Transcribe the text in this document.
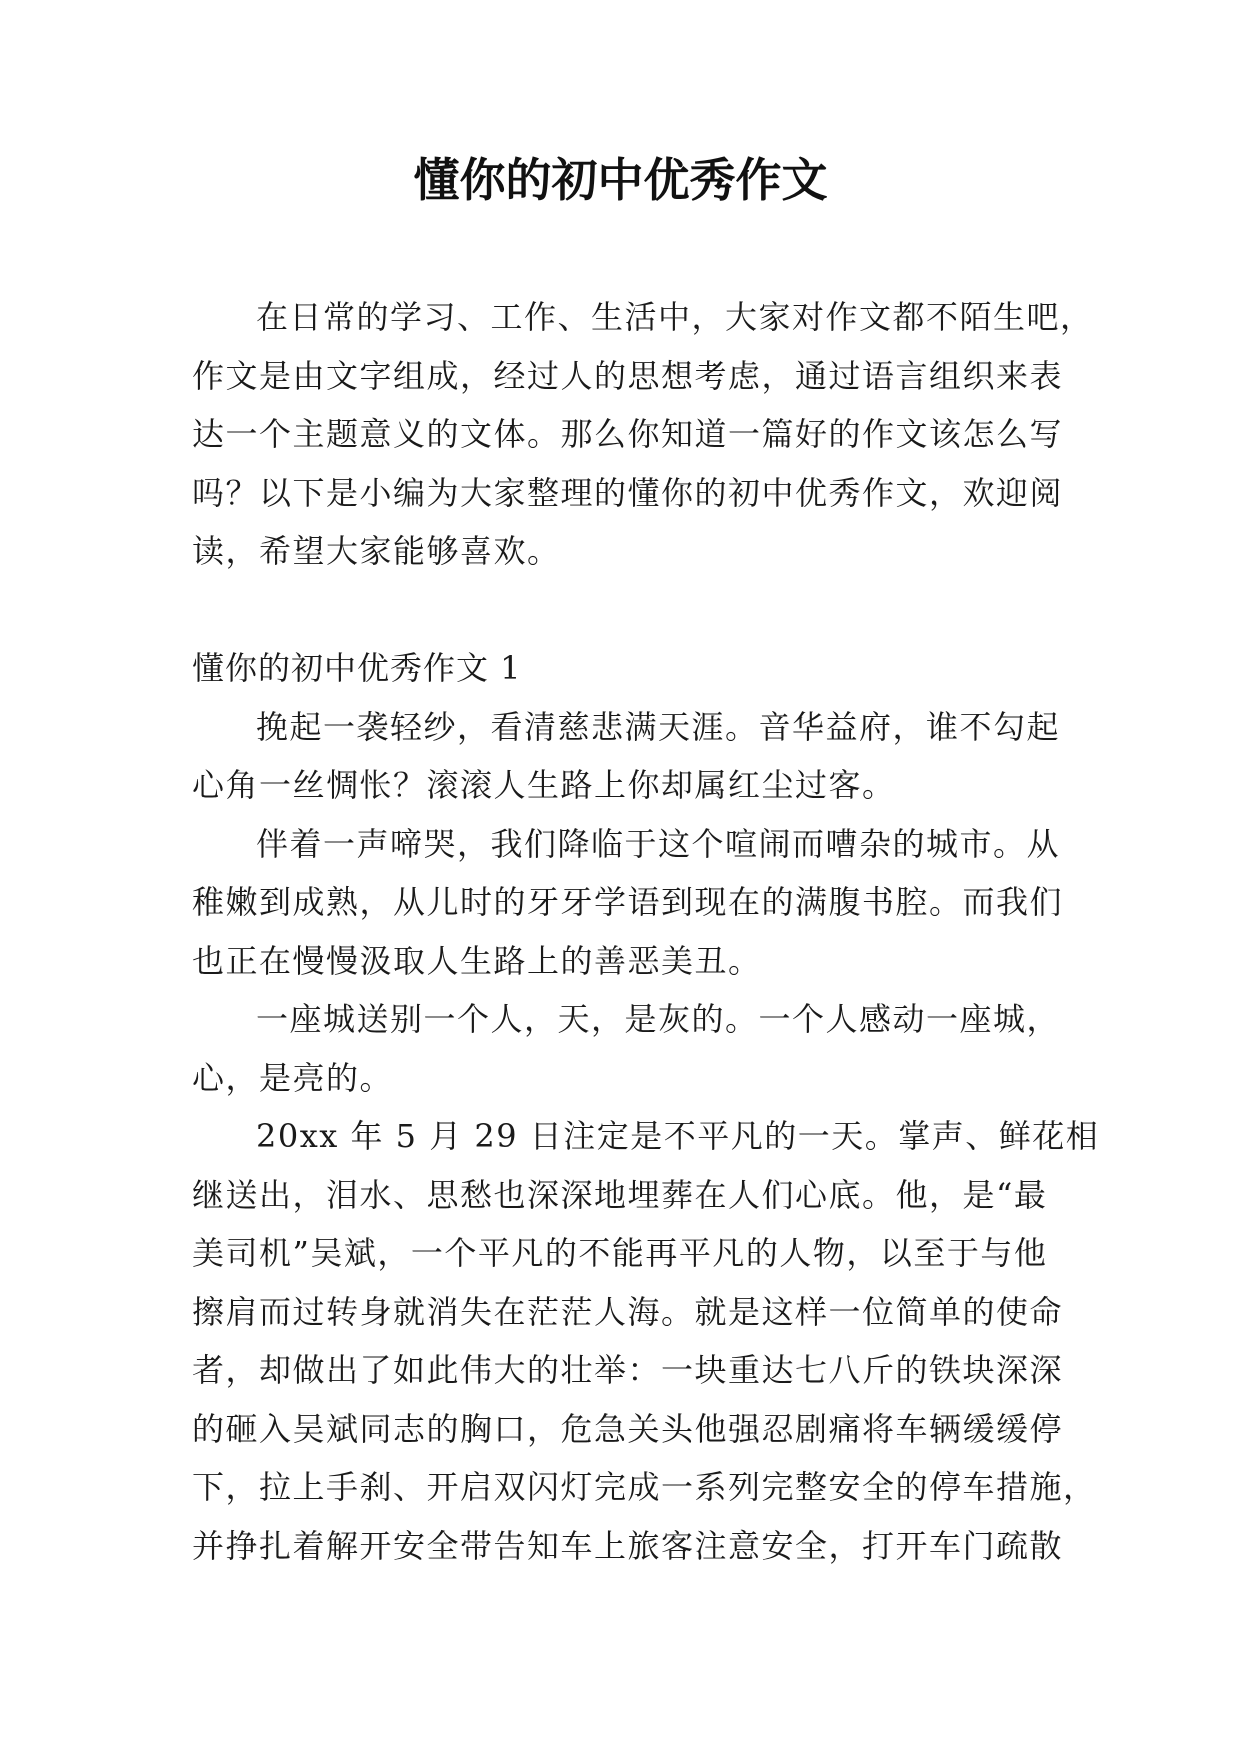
懂你的初中优秀作文
在日常的学习、工作、生活中，大家对作文都不陌生吧，
作文是由文字组成，经过人的思想考虑，通过语言组织来表
达一个主题意义的文体。那么你知道一篇好的作文该怎么写
吗？以下是小编为大家整理的懂你的初中优秀作文，欢迎阅
读，希望大家能够喜欢。
懂你的初中优秀作文 1
挽起一袭轻纱，看清慈悲满天涯。音华益府，谁不勾起
心角一丝惆怅？滚滚人生路上你却属红尘过客。
伴着一声啼哭，我们降临于这个喧闹而嘈杂的城市。从
稚嫩到成熟，从儿时的牙牙学语到现在的满腹书腔。而我们
也正在慢慢汲取人生路上的善恶美丑。
一座城送别一个人，天，是灰的。一个人感动一座城，
心，是亮的。
20xx 年 5 月 29 日注定是不平凡的一天。掌声、鲜花相
继送出，泪水、思愁也深深地埋葬在人们心底。他，是“最
美司机”吴斌，一个平凡的不能再平凡的人物，以至于与他
擦肩而过转身就消失在茫茫人海。就是这样一位简单的使命
者，却做出了如此伟大的壮举：一块重达七八斤的铁块深深
的砸入吴斌同志的胸口，危急关头他强忍剧痛将车辆缓缓停
下，拉上手刹、开启双闪灯完成一系列完整安全的停车措施，
并挣扎着解开安全带告知车上旅客注意安全，打开车门疏散
